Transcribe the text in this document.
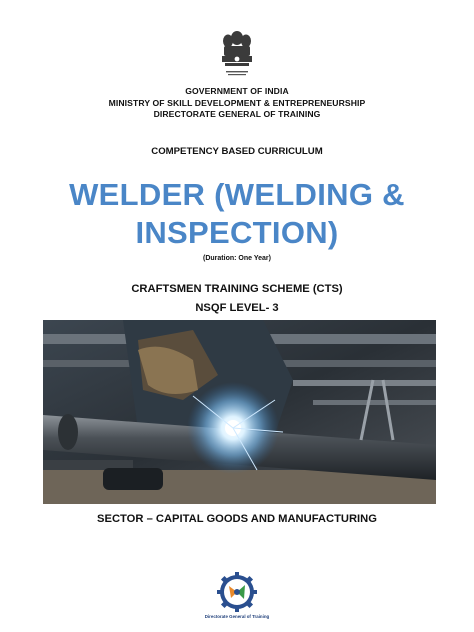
GOVERNMENT OF INDIA
MINISTRY OF SKILL DEVELOPMENT & ENTREPRENEURSHIP
DIRECTORATE GENERAL OF TRAINING
COMPETENCY BASED CURRICULUM
WELDER (WELDING &
INSPECTION)
(Duration: One Year)
CRAFTSMEN TRAINING SCHEME (CTS)
NSQF LEVEL- 3
SECTOR – CAPITAL GOODS AND MANUFACTURING
Directorate General of Training
